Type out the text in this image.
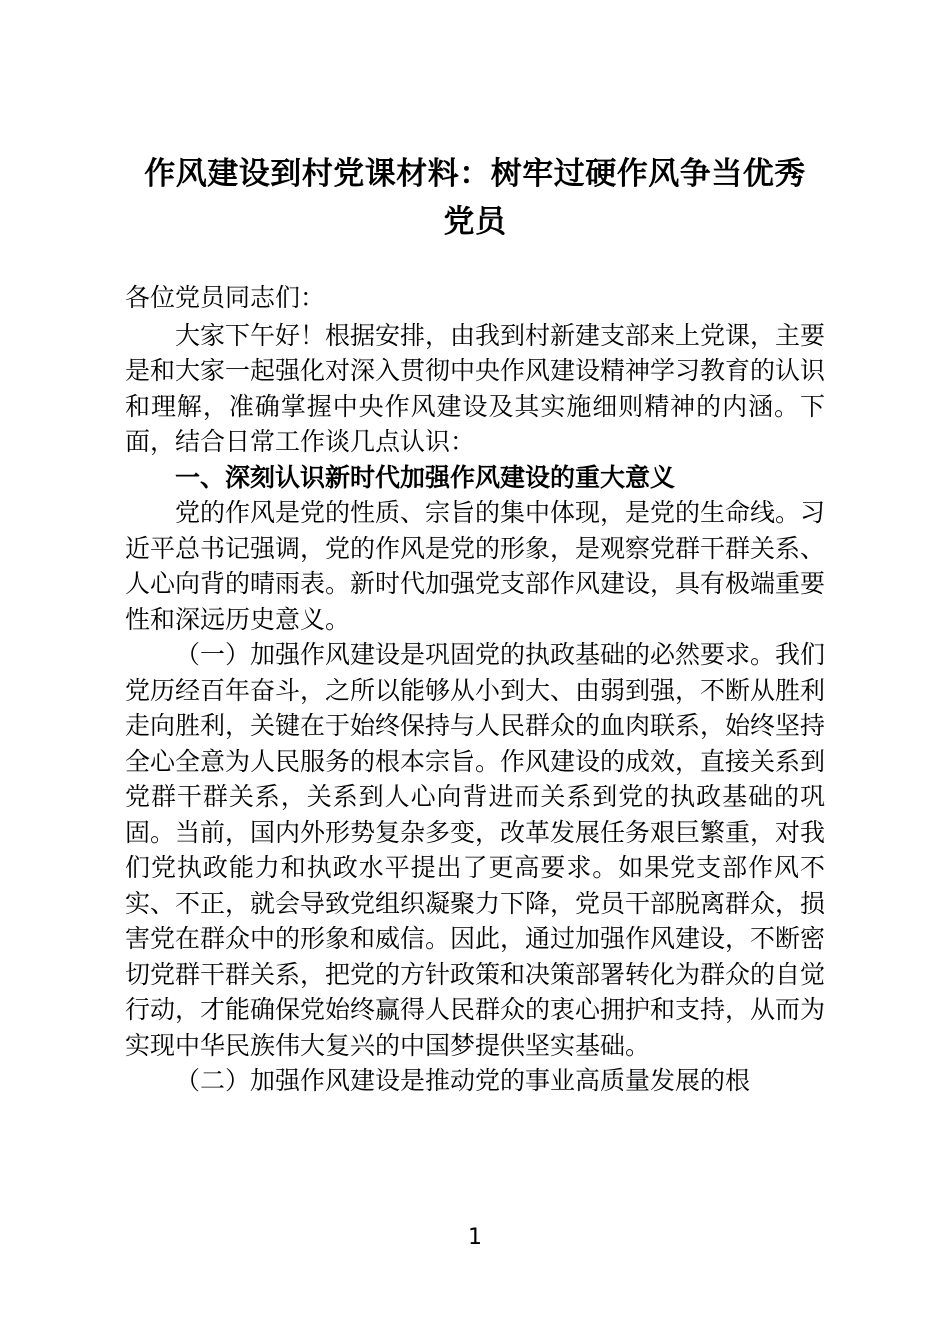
作风建设到村党课材料：树牢过硬作风争当优秀党员

各位党员同志们：

大家下午好！根据安排，由我到村新建支部来上党课，主要是和大家一起强化对深入贯彻中央作风建设精神学习教育的认识和理解，准确掌握中央作风建设及其实施细则精神的内涵。下面，结合日常工作谈几点认识：

一、深刻认识新时代加强作风建设的重大意义

党的作风是党的性质、宗旨的集中体现，是党的生命线。习近平总书记强调，党的作风是党的形象，是观察党群干群关系、人心向背的晴雨表。新时代加强党支部作风建设，具有极端重要性和深远历史意义。

（一）加强作风建设是巩固党的执政基础的必然要求。我们党历经百年奋斗，之所以能够从小到大、由弱到强，不断从胜利走向胜利，关键在于始终保持与人民群众的血肉联系，始终坚持全心全意为人民服务的根本宗旨。作风建设的成效，直接关系到党群干群关系，关系到人心向背进而关系到党的执政基础的巩固。当前，国内外形势复杂多变，改革发展任务艰巨繁重，对我们党执政能力和执政水平提出了更高要求。如果党支部作风不实、不正，就会导致党组织凝聚力下降，党员干部脱离群众，损害党在群众中的形象和威信。因此，通过加强作风建设，不断密切党群干群关系，把党的方针政策和决策部署转化为群众的自觉行动，才能确保党始终赢得人民群众的衷心拥护和支持，从而为实现中华民族伟大复兴的中国梦提供坚实基础。

（二）加强作风建设是推动党的事业高质量发展的根

1
